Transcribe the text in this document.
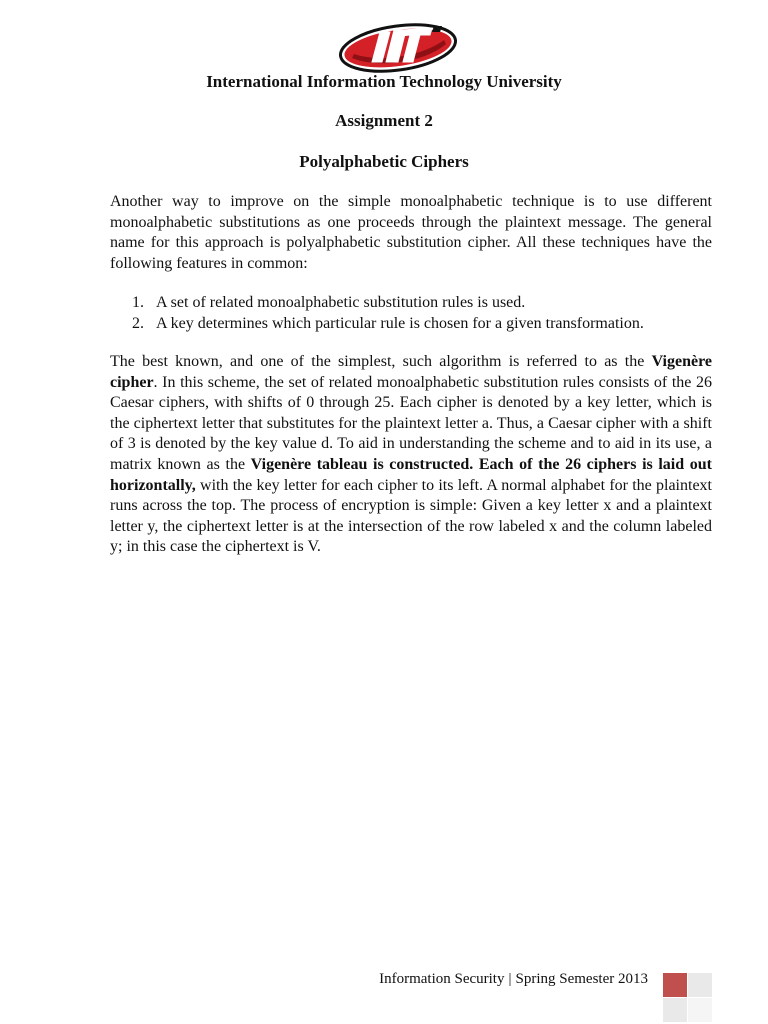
International Information Technology University
Assignment 2
Polyalphabetic Ciphers

Another way to improve on the simple monoalphabetic technique is to use different monoalphabetic substitutions as one proceeds through the plaintext message. The general name for this approach is polyalphabetic substitution cipher. All these techniques have the following features in common:

1. A set of related monoalphabetic substitution rules is used.
2. A key determines which particular rule is chosen for a given transformation.

The best known, and one of the simplest, such algorithm is referred to as the Vigenère cipher. In this scheme, the set of related monoalphabetic substitution rules consists of the 26 Caesar ciphers, with shifts of 0 through 25. Each cipher is denoted by a key letter, which is the ciphertext letter that substitutes for the plaintext letter a. Thus, a Caesar cipher with a shift of 3 is denoted by the key value d. To aid in understanding the scheme and to aid in its use, a matrix known as the Vigenère tableau is constructed. Each of the 26 ciphers is laid out horizontally, with the key letter for each cipher to its left. A normal alphabet for the plaintext runs across the top. The process of encryption is simple: Given a key letter x and a plaintext letter y, the ciphertext letter is at the intersection of the row labeled x and the column labeled y; in this case the ciphertext is V.

Information Security | Spring Semester 2013
